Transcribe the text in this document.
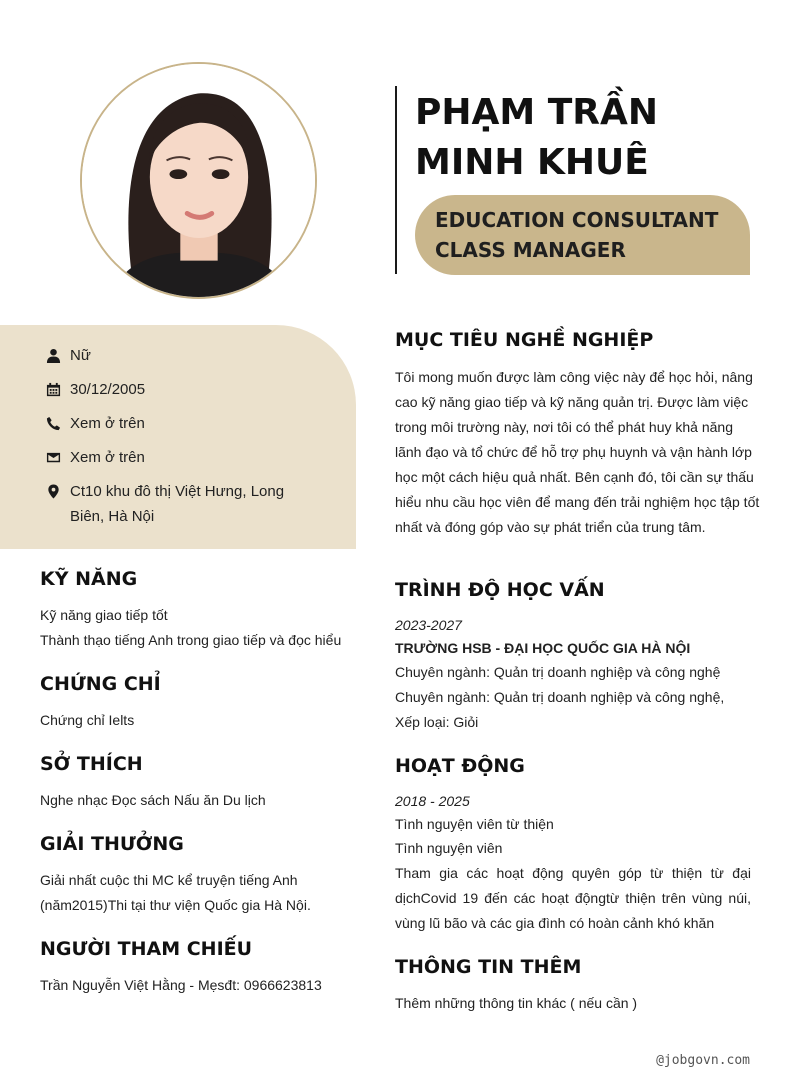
PHẠM TRẦN
MINH KHUÊ
EDUCATION CONSULTANT
CLASS MANAGER
Nữ
30/12/2005
Xem ở trên
Xem ở trên
Ct10 khu đô thị Việt Hưng, Long Biên, Hà Nội
KỸ NĂNG
Kỹ năng giao tiếp tốt
Thành thạo tiếng Anh trong giao tiếp và đọc hiểu
CHỨNG CHỈ
Chứng chỉ Ielts
SỞ THÍCH
Nghe nhạc Đọc sách Nấu ăn Du lịch
GIẢI THƯỞNG
Giải nhất cuộc thi MC kể truyện tiếng Anh
(năm2015)Thi tại thư viện Quốc gia Hà Nội.
NGƯỜI THAM CHIẾU
Trần Nguyễn Việt Hằng - Mẹsđt: 0966623813
MỤC TIÊU NGHỀ NGHIỆP
Tôi mong muốn được làm công việc này để học hỏi, nâng cao kỹ năng giao tiếp và kỹ năng quản trị. Được làm việc trong môi trường này, nơi tôi có thể phát huy khả năng lãnh đạo và tổ chức để hỗ trợ phụ huynh và vận hành lớp học một cách hiệu quả nhất. Bên cạnh đó, tôi cần sự thấu hiểu nhu cầu học viên để mang đến trải nghiệm học tập tốt nhất và đóng góp vào sự phát triển của trung tâm.
TRÌNH ĐỘ HỌC VẤN
2023-2027
TRƯỜNG HSB - ĐẠI HỌC QUỐC GIA HÀ NỘI
Chuyên ngành: Quản trị doanh nghiệp và công nghệ
Chuyên ngành: Quản trị doanh nghiệp và công nghệ, Xếp loại: Giỏi
HOẠT ĐỘNG
2018 - 2025
Tình nguyện viên từ thiện
Tình nguyện viên
Tham gia các hoạt động quyên góp từ thiện từ đại dịchCovid 19 đến các hoạt độngtừ thiện trên vùng núi, vùng lũ bão và các gia đình có hoàn cảnh khó khăn
THÔNG TIN THÊM
Thêm những thông tin khác ( nếu cần )
@jobgovn.com
